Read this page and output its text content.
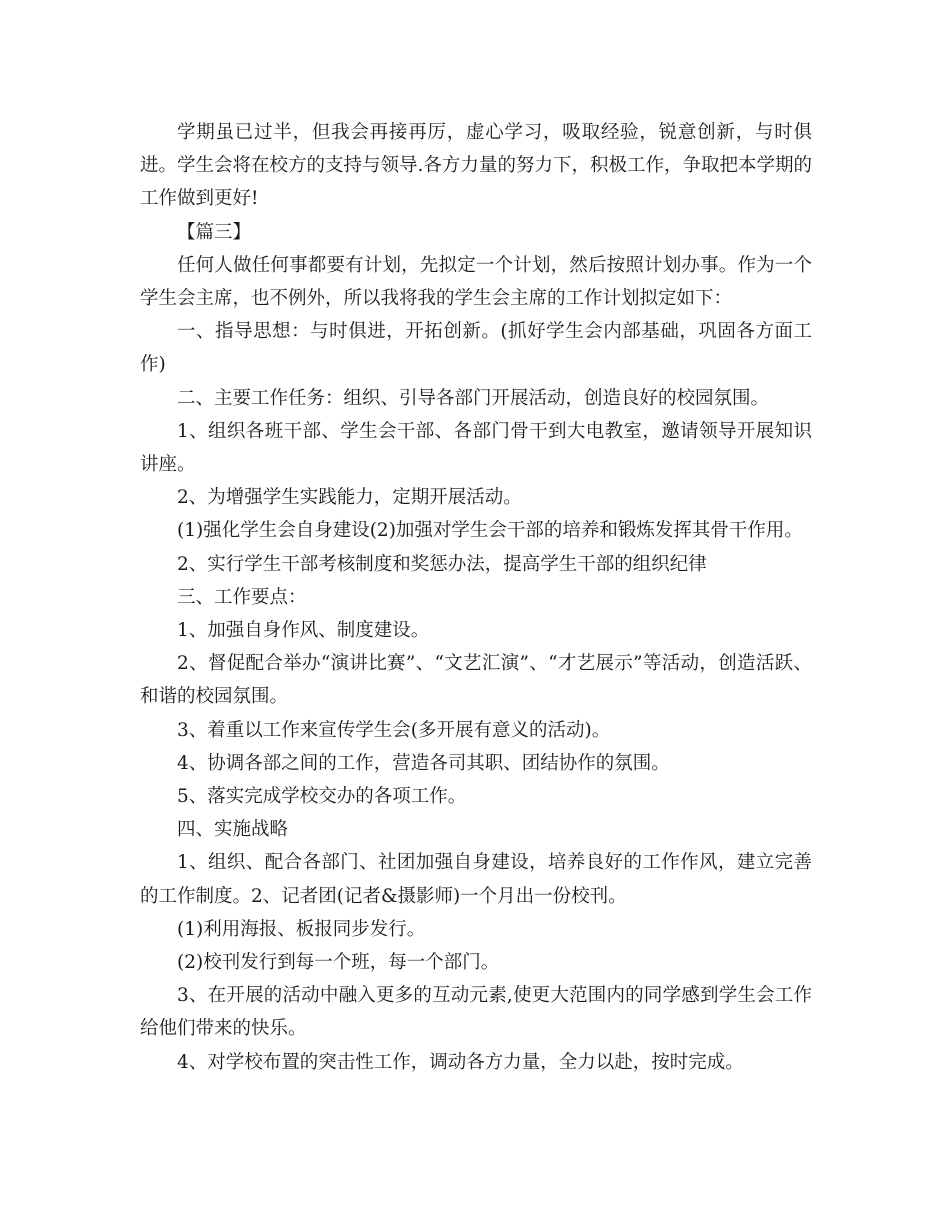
学期虽已过半，但我会再接再厉，虚心学习，吸取经验，锐意创新，与时俱进。学生会将在校方的支持与领导.各方力量的努力下，积极工作，争取把本学期的工作做到更好!

【篇三】

任何人做任何事都要有计划，先拟定一个计划，然后按照计划办事。作为一个学生会主席，也不例外，所以我将我的学生会主席的工作计划拟定如下：

一、指导思想：与时俱进，开拓创新。(抓好学生会内部基础，巩固各方面工作)

二、主要工作任务：组织、引导各部门开展活动，创造良好的校园氛围。

1、组织各班干部、学生会干部、各部门骨干到大电教室，邀请领导开展知识讲座。

2、为增强学生实践能力，定期开展活动。

(1)强化学生会自身建设(2)加强对学生会干部的培养和锻炼发挥其骨干作用。

2、实行学生干部考核制度和奖惩办法，提高学生干部的组织纪律

三、工作要点：

1、加强自身作风、制度建设。

2、督促配合举办“演讲比赛”、“文艺汇演”、“才艺展示”等活动，创造活跃、和谐的校园氛围。

3、着重以工作来宣传学生会(多开展有意义的活动)。

4、协调各部之间的工作，营造各司其职、团结协作的氛围。

5、落实完成学校交办的各项工作。

四、实施战略

1、组织、配合各部门、社团加强自身建设，培养良好的工作作风，建立完善的工作制度。2、记者团(记者&摄影师)一个月出一份校刊。

(1)利用海报、板报同步发行。

(2)校刊发行到每一个班，每一个部门。

3、在开展的活动中融入更多的互动元素,使更大范围内的同学感到学生会工作给他们带来的快乐。

4、对学校布置的突击性工作，调动各方力量，全力以赴，按时完成。
